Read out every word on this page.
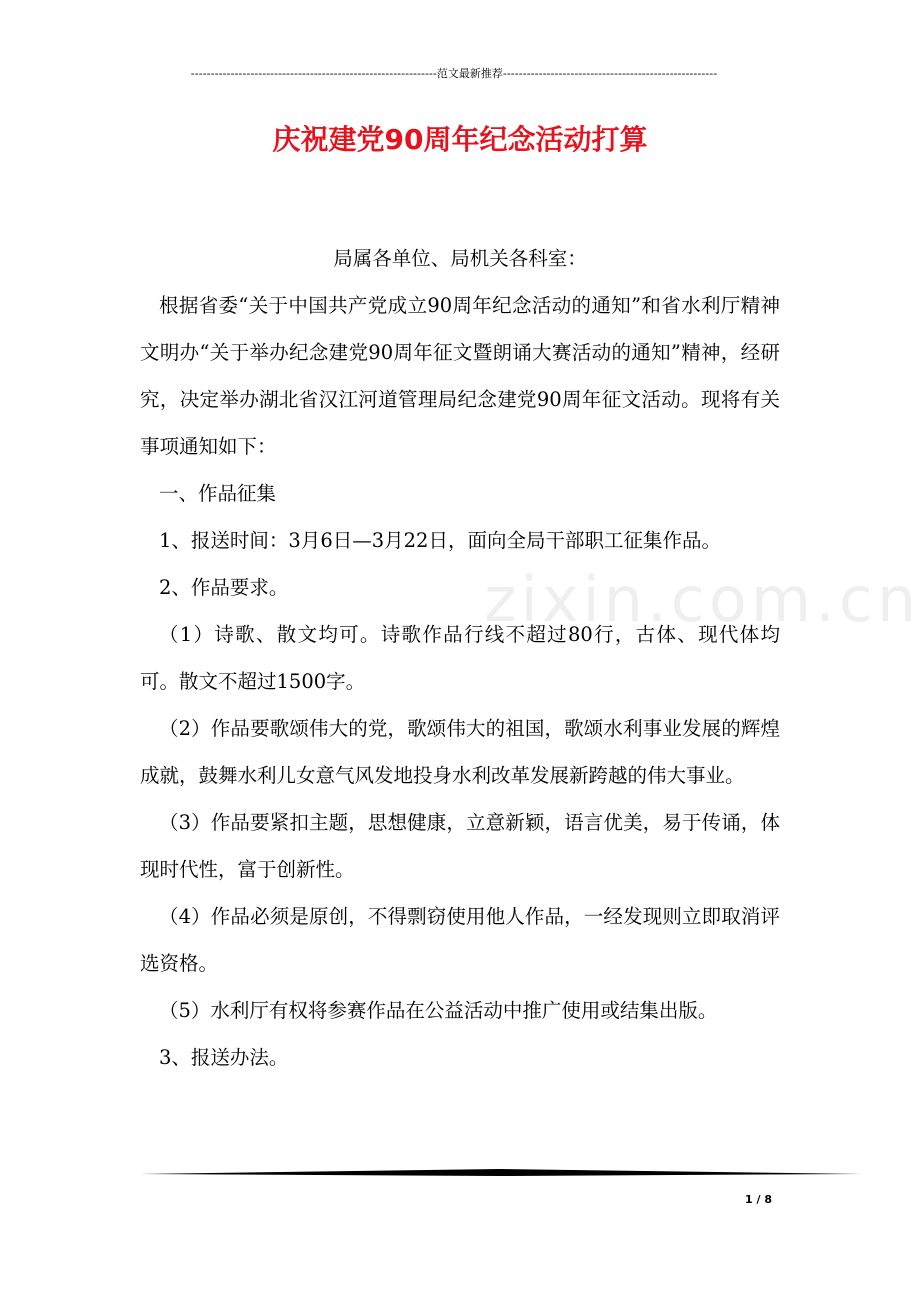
--------------------------------------------------------------范文最新推荐------------------------------------------------------
庆祝建党90周年纪念活动打算
zixin.com.cn

局属各单位、局机关各科室：

根据省委“关于中国共产党成立90周年纪念活动的通知”和省水利厅精神文明办“关于举办纪念建党90周年征文暨朗诵大赛活动的通知”精神，经研究，决定举办湖北省汉江河道管理局纪念建党90周年征文活动。现将有关事项通知如下：

一、作品征集

1、报送时间：3月6日—3月22日，面向全局干部职工征集作品。

2、作品要求。

（1）诗歌、散文均可。诗歌作品行线不超过80行，古体、现代体均可。散文不超过1500字。

（2）作品要歌颂伟大的党，歌颂伟大的祖国，歌颂水利事业发展的辉煌成就，鼓舞水利儿女意气风发地投身水利改革发展新跨越的伟大事业。

（3）作品要紧扣主题，思想健康，立意新颖，语言优美，易于传诵，体现时代性，富于创新性。

（4）作品必须是原创，不得剽窃使用他人作品，一经发现则立即取消评选资格。

（5）水利厅有权将参赛作品在公益活动中推广使用或结集出版。

3、报送办法。

1 / 8
